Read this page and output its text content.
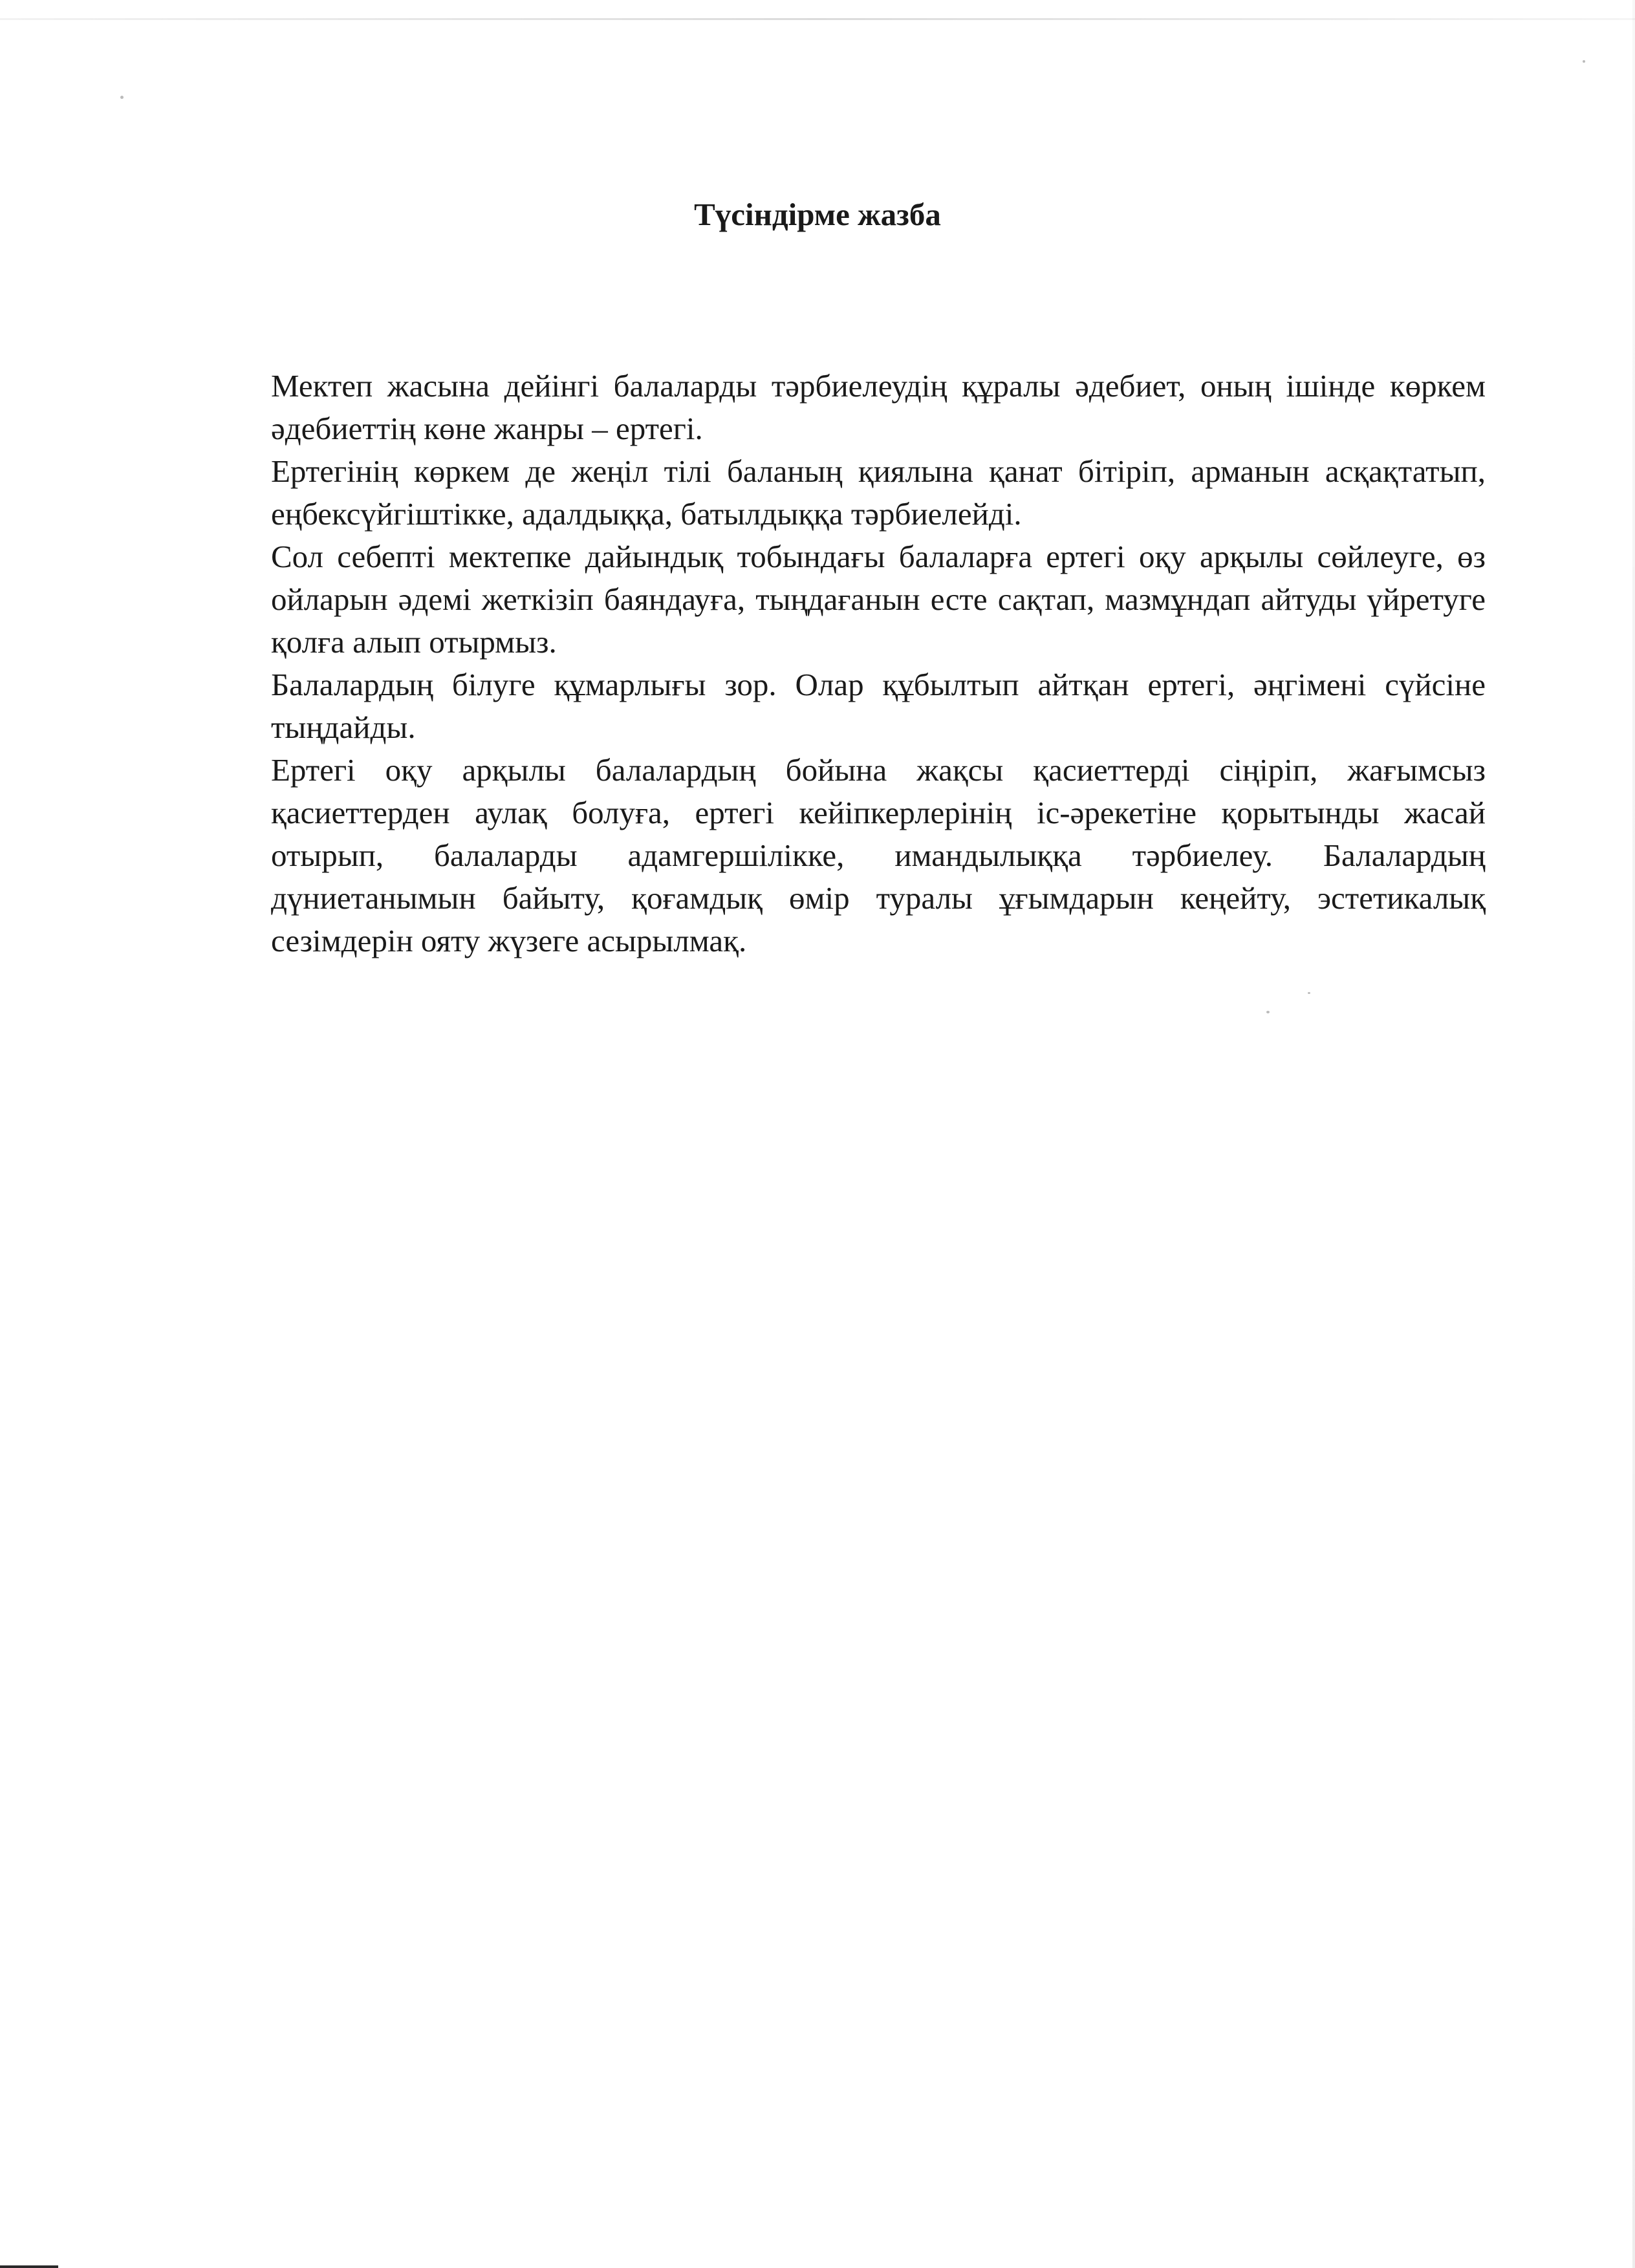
Түсіндірме жазба

Мектеп жасына дейінгі балаларды тәрбиелеудің құралы әдебиет, оның ішінде көркем әдебиеттің көне жанры – ертегі.

Ертегінің көркем де жеңіл тілі баланың қиялына қанат бітіріп, арманын асқақтатып, еңбексүйгіштікке, адалдыққа, батылдыққа тәрбиелейді.

Сол себепті мектепке дайындық тобындағы балаларға ертегі оқу арқылы сөйлеуге, өз ойларын әдемі жеткізіп баяндауға, тыңдағанын есте сақтап, мазмұндап айтуды үйретуге қолға алып отырмыз.

Балалардың білуге құмарлығы зор. Олар құбылтып айтқан ертегі, әңгімені сүйсіне тыңдайды.

Ертегі оқу арқылы балалардың бойына жақсы қасиеттерді сіңіріп, жағымсыз қасиеттерден аулақ болуға, ертегі кейіпкерлерінің іс-әрекетіне қорытынды жасай отырып, балаларды адамгершілікке, имандылыққа тәрбиелеу. Балалардың дүниетанымын байыту, қоғамдық өмір туралы ұғымдарын кеңейту, эстетикалық сезімдерін ояту жүзеге асырылмақ.
